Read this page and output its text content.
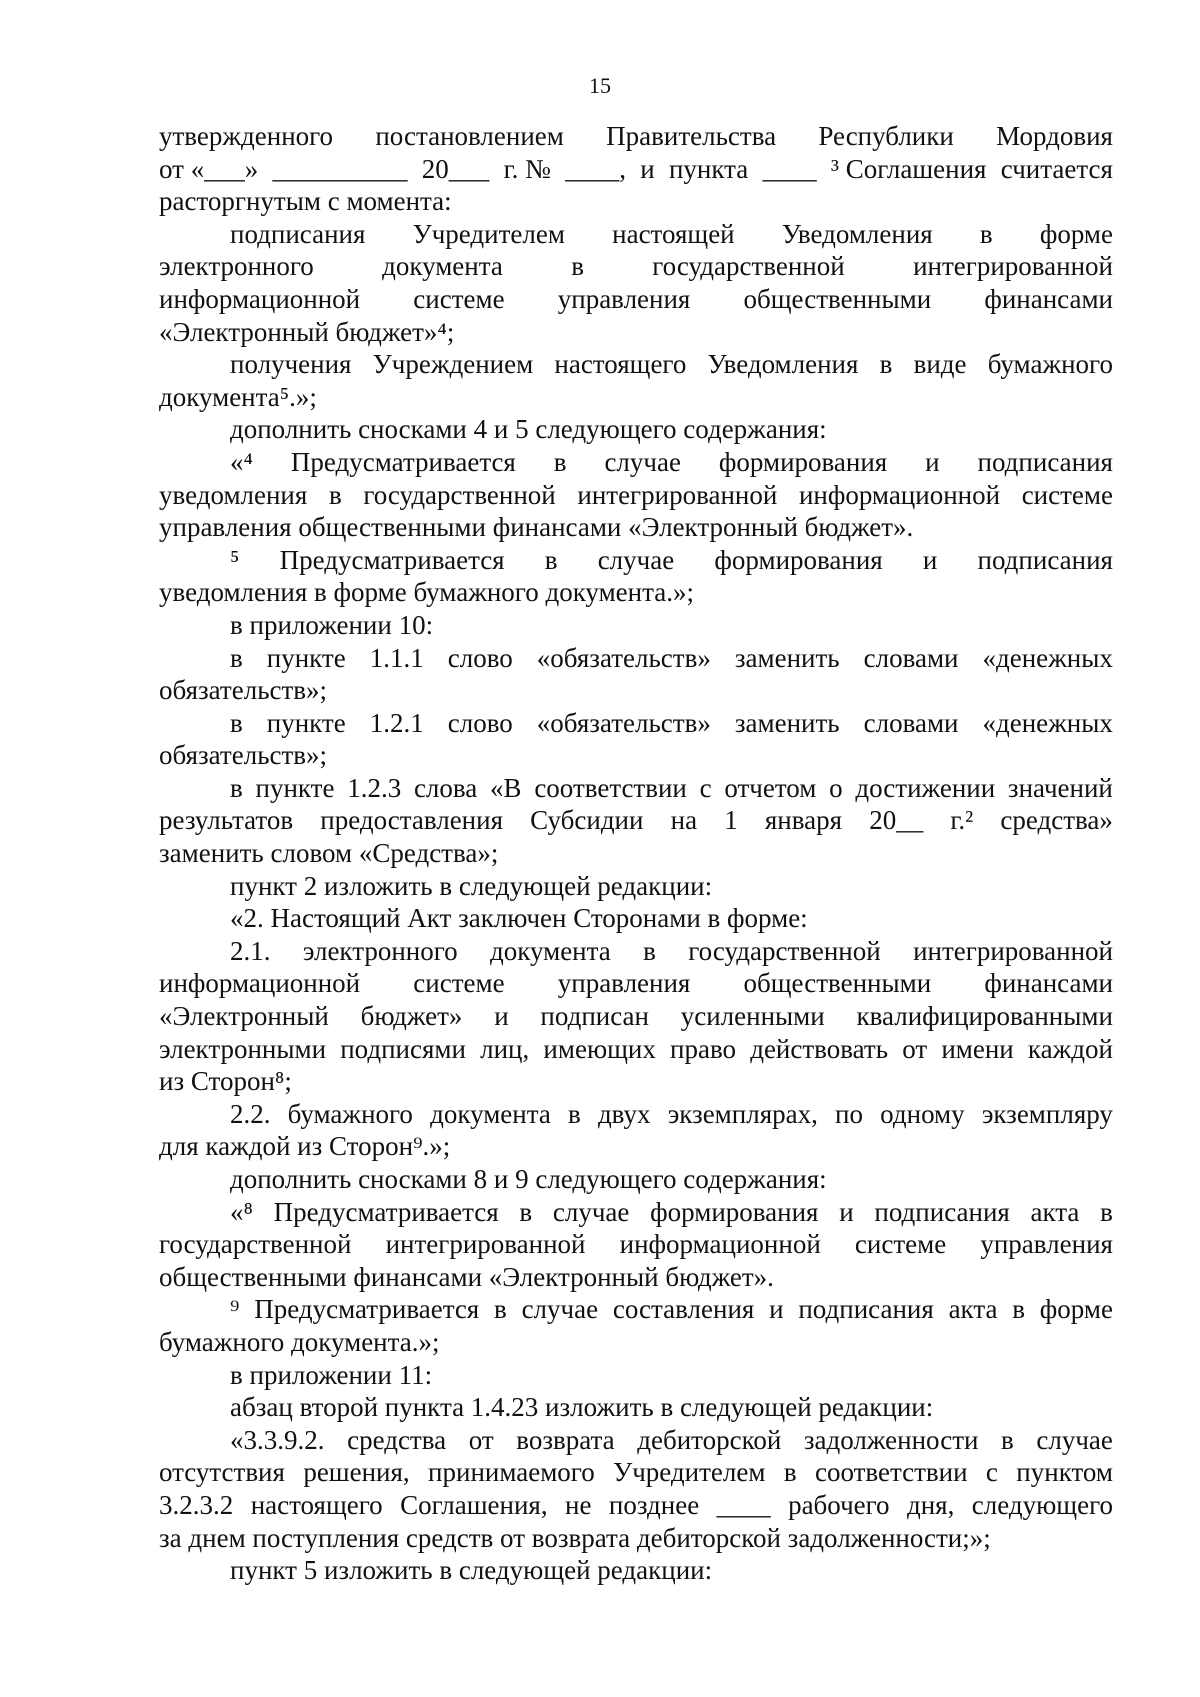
15
утвержденного постановлением Правительства Республики Мордовия
от «___» __________ 20___ г. № ____, и пункта ____ ³ Соглашения считается
расторгнутым с момента:
подписания Учредителем настоящей Уведомления в форме
электронного	документа	в	государственной	интегрированной
информационной системе управления общественными финансами
«Электронный бюджет»⁴;
получения Учреждением настоящего Уведомления в виде бумажного
документа⁵.»;
дополнить сносками 4 и 5 следующего содержания:
«⁴ Предусматривается в случае формирования и подписания
уведомления в государственной интегрированной информационной системе
управления общественными финансами «Электронный бюджет».
⁵ Предусматривается в случае формирования и подписания
уведомления в форме бумажного документа.»;
в приложении 10:
в пункте 1.1.1 слово «обязательств» заменить словами «денежных
обязательств»;
в пункте 1.2.1 слово «обязательств» заменить словами «денежных
обязательств»;
в пункте 1.2.3 слова «В соответствии с отчетом о достижении значений
результатов предоставления Субсидии на 1 января 20__ г.² средства»
заменить словом «Средства»;
пункт 2 изложить в следующей редакции:
«2. Настоящий Акт заключен Сторонами в форме:
2.1. электронного документа в государственной интегрированной
информационной системе управления общественными финансами
«Электронный бюджет» и подписан усиленными квалифицированными
электронными подписями лиц, имеющих право действовать от имени каждой
из Сторон⁸;
2.2. бумажного документа в двух экземплярах, по одному экземпляру
для каждой из Сторон⁹.»;
дополнить сносками 8 и 9 следующего содержания:
«⁸ Предусматривается в случае формирования и подписания акта в
государственной интегрированной информационной системе управления
общественными финансами «Электронный бюджет».
⁹ Предусматривается в случае составления и подписания акта в форме
бумажного документа.»;
в приложении 11:
абзац второй пункта 1.4.23 изложить в следующей редакции:
«3.3.9.2. средства от возврата дебиторской задолженности в случае
отсутствия решения, принимаемого Учредителем в соответствии с пунктом
3.2.3.2 настоящего Соглашения, не позднее ____ рабочего дня, следующего
за днем поступления средств от возврата дебиторской задолженности;»;
пункт 5 изложить в следующей редакции:
